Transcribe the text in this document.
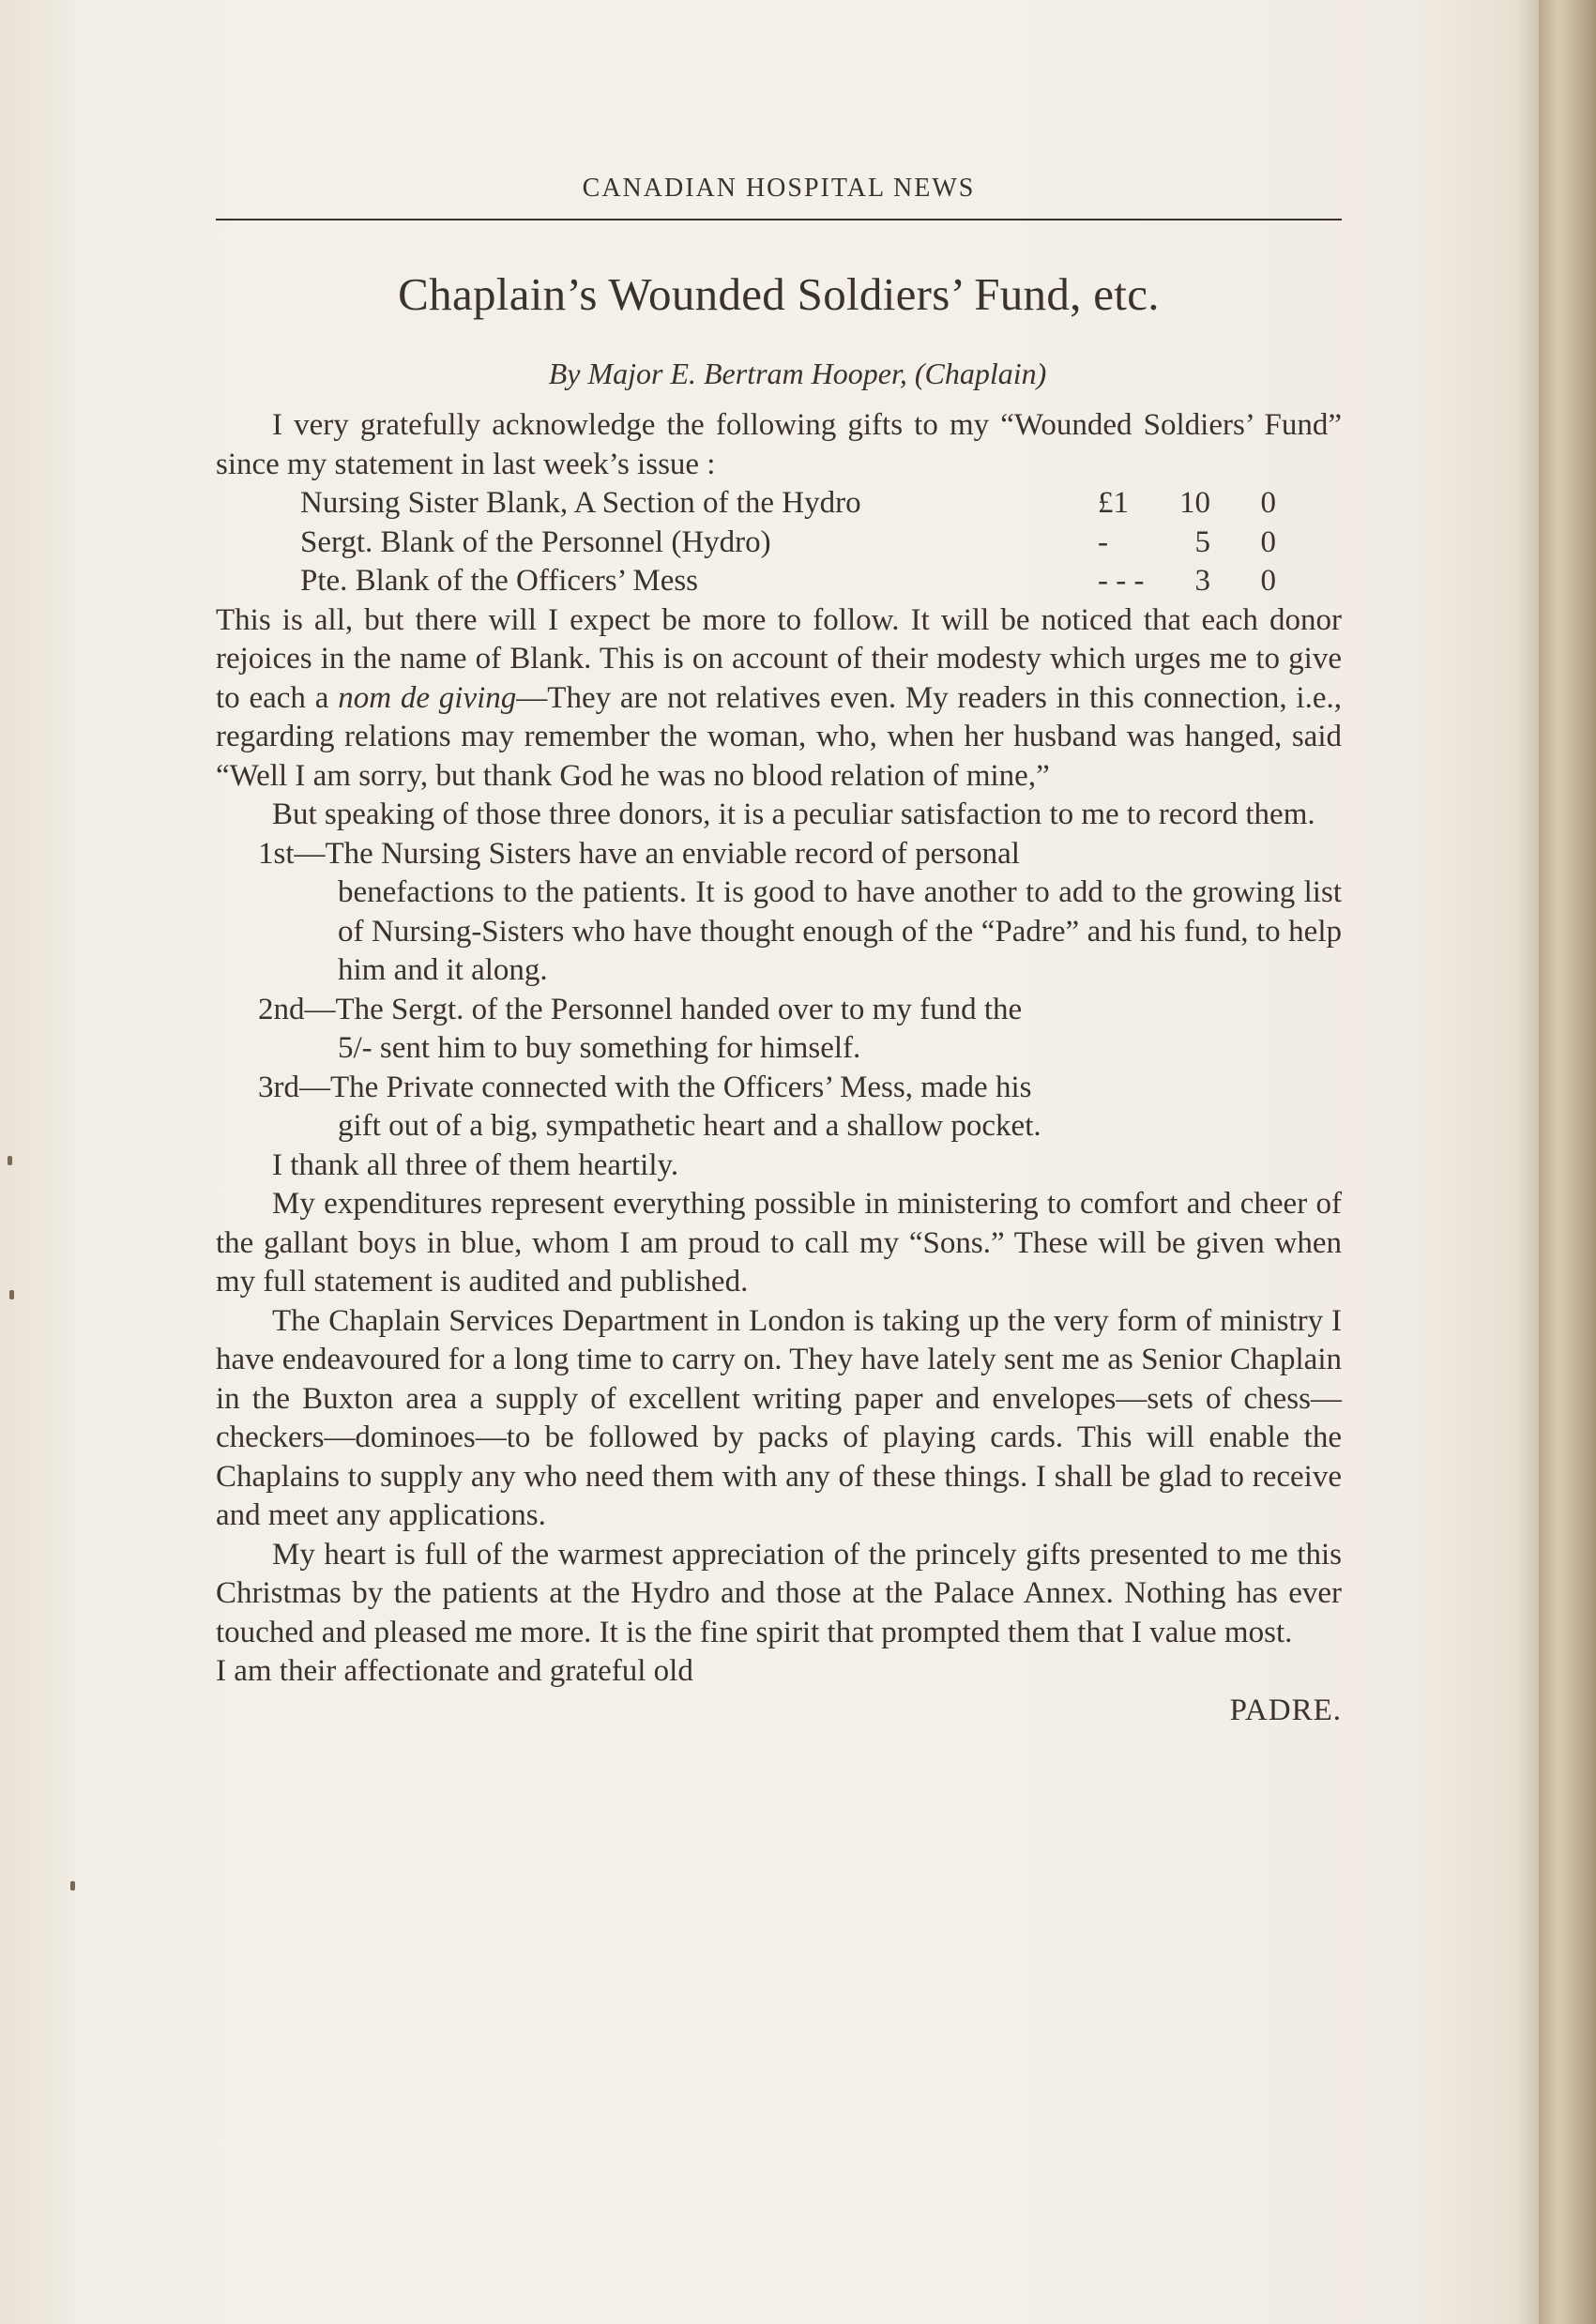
CANADIAN HOSPITAL NEWS
Chaplain’s Wounded Soldiers’ Fund, etc.
By Major E. Bertram Hooper, (Chaplain)

I very gratefully acknowledge the following gifts to my “Wounded Soldiers’ Fund” since my statement in last week’s issue :

Nursing Sister Blank, A Section of the Hydro	£1	10	0
Sergt. Blank of the Personnel (Hydro)	-	5	0
Pte. Blank of the Officers’ Mess	- - -	3	0

This is all, but there will I expect be more to follow. It will be noticed that each donor rejoices in the name of Blank. This is on account of their modesty which urges me to give to each a nom de giving—They are not relatives even. My readers in this connection, i.e., regarding relations may remember the woman, who, when her husband was hanged, said “Well I am sorry, but thank God he was no blood relation of mine,”

But speaking of those three donors, it is a peculiar satisfaction to me to record them.

1st—The Nursing Sisters have an enviable record of personal
benefactions to the patients. It is good to have another to add to the growing list of Nursing-Sisters who have thought enough of the “Padre” and his fund, to help him and it along.
2nd—The Sergt. of the Personnel handed over to my fund the
5/- sent him to buy something for himself.
3rd—The Private connected with the Officers’ Mess, made his
gift out of a big, sympathetic heart and a shallow pocket.

I thank all three of them heartily.

My expenditures represent everything possible in ministering to comfort and cheer of the gallant boys in blue, whom I am proud to call my “Sons.” These will be given when my full statement is audited and published.

The Chaplain Services Department in London is taking up the very form of ministry I have endeavoured for a long time to carry on. They have lately sent me as Senior Chaplain in the Buxton area a supply of excellent writing paper and envelopes—sets of chess—checkers—dominoes—to be followed by packs of playing cards. This will enable the Chaplains to supply any who need them with any of these things. I shall be glad to receive and meet any applications.

My heart is full of the warmest appreciation of the princely gifts presented to me this Christmas by the patients at the Hydro and those at the Palace Annex. Nothing has ever touched and pleased me more. It is the fine spirit that prompted them that I value most.

I am their affectionate and grateful old

PADRE.
